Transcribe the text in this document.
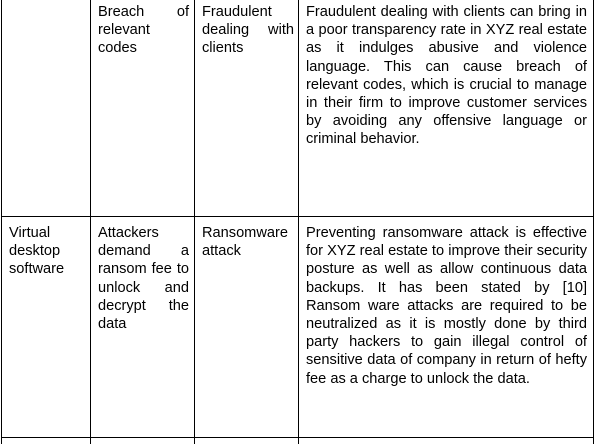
	Breach of relevant codes	Fraudulent dealing with clients	Fraudulent dealing with clients can bring in a poor transparency rate in XYZ real estate as it indulges abusive and violence language. This can cause breach of relevant codes, which is crucial to manage in their firm to improve customer services by avoiding any offensive language or criminal behavior.

Virtual desktop software	Attackers demand a ransom fee to unlock and decrypt the data	Ransomware attack	Preventing ransomware attack is effective for XYZ real estate to improve their security posture as well as allow continuous data backups. It has been stated by [10] Ransom ware attacks are required to be neutralized as it is mostly done by third party hackers to gain illegal control of sensitive data of company in return of hefty fee as a charge to unlock the data.
